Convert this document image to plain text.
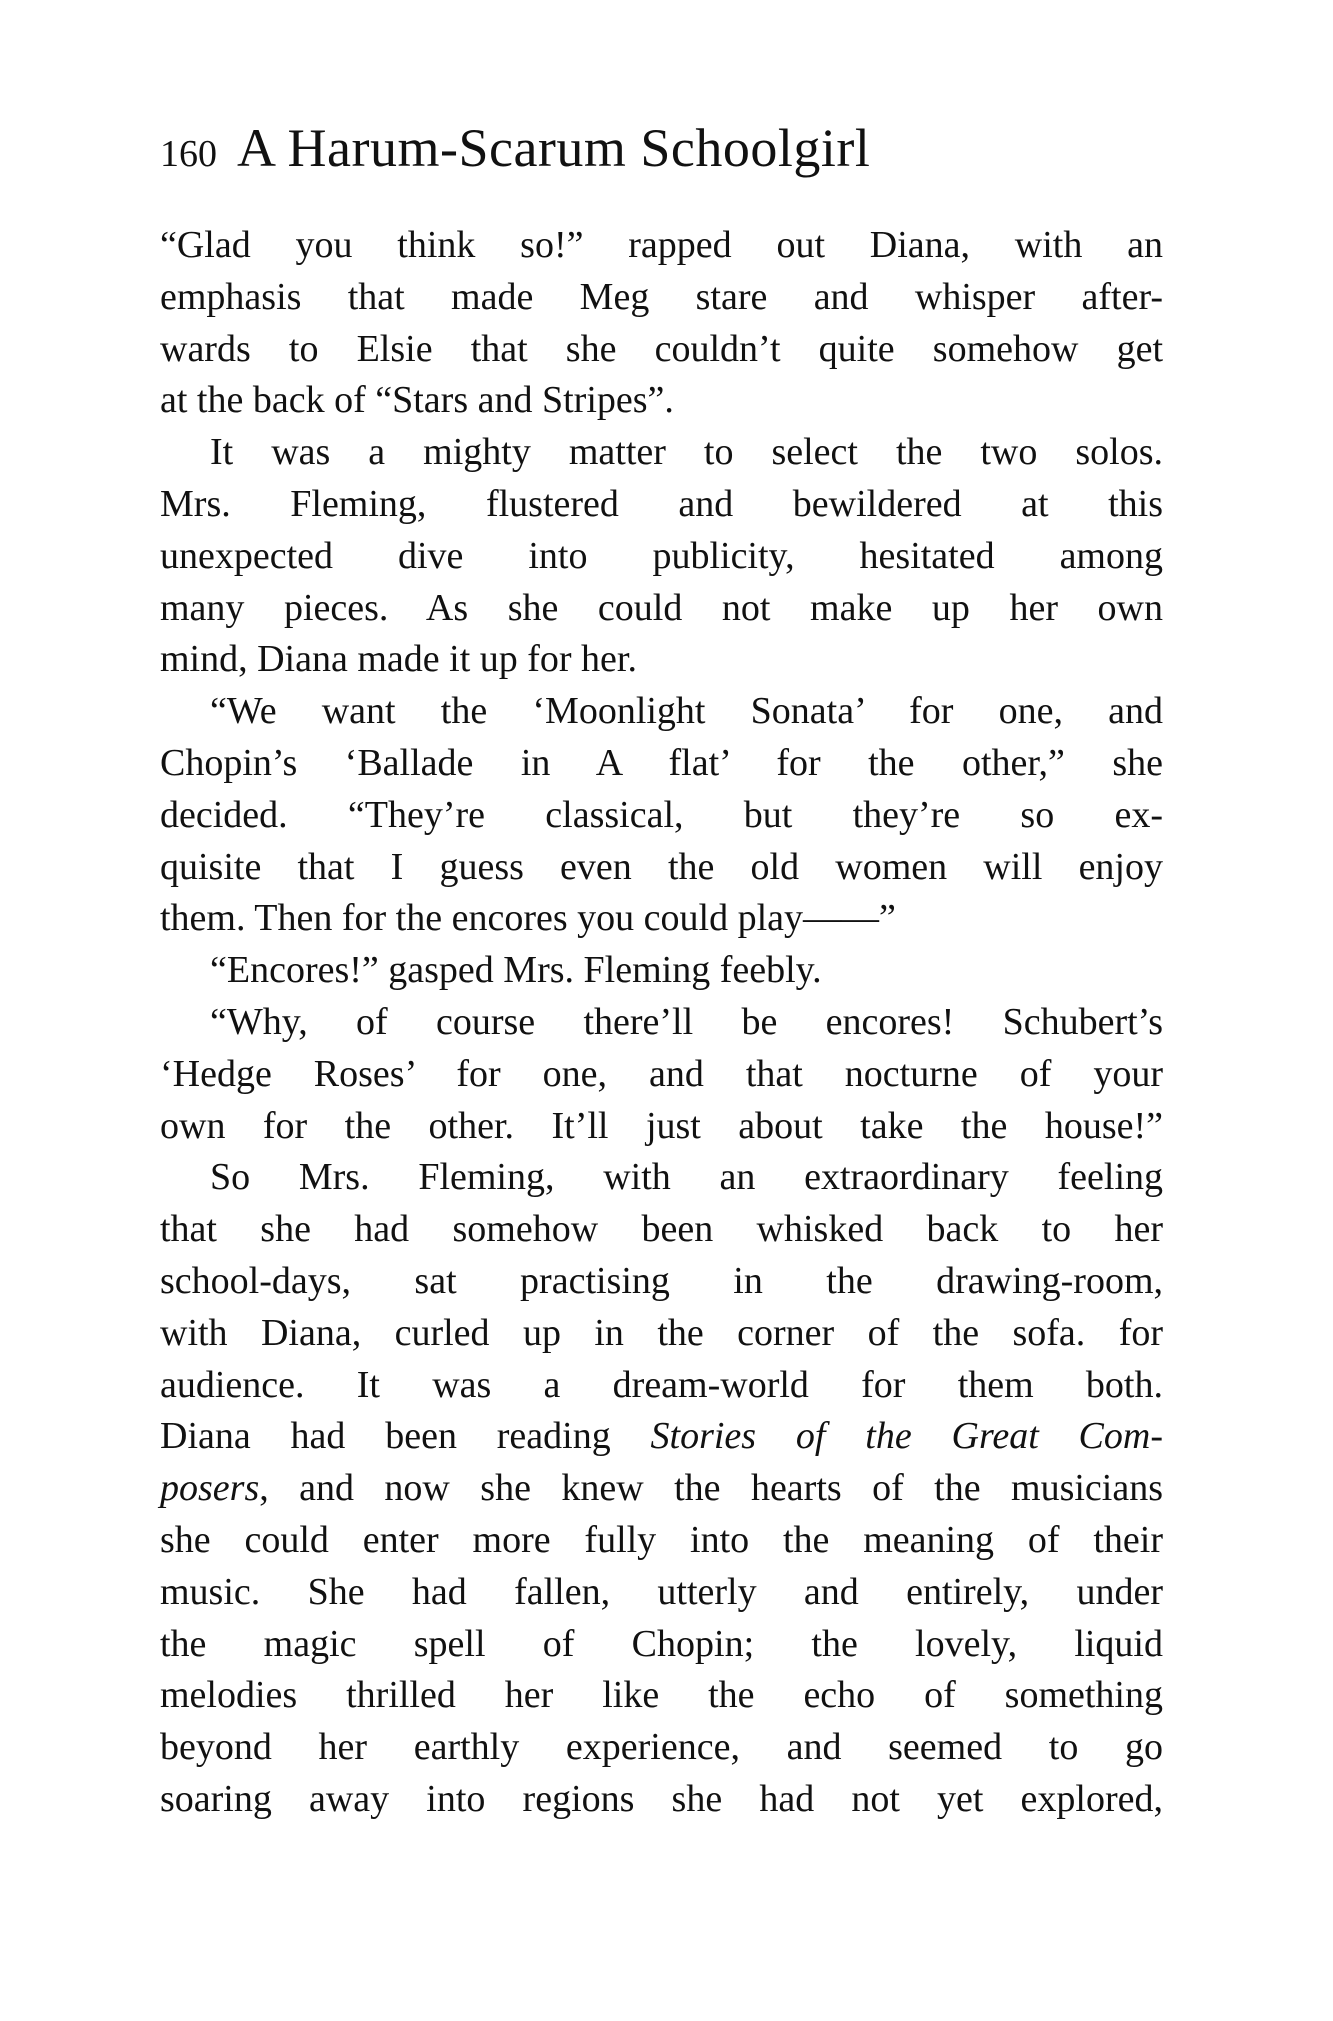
160 A Harum-Scarum Schoolgirl
“Glad you think so!” rapped out Diana, with an
emphasis that made Meg stare and whisper after-
wards to Elsie that she couldn’t quite somehow get
at the back of “Stars and Stripes”.
It was a mighty matter to select the two solos.
Mrs. Fleming, flustered and bewildered at this
unexpected dive into publicity, hesitated among
many pieces. As she could not make up her own
mind, Diana made it up for her.
“We want the ‘Moonlight Sonata’ for one, and
Chopin’s ‘Ballade in A flat’ for the other,” she
decided. “They’re classical, but they’re so ex-
quisite that I guess even the old women will enjoy
them. Then for the encores you could play——”
“Encores!” gasped Mrs. Fleming feebly.
“Why, of course there’ll be encores! Schubert’s
‘Hedge Roses’ for one, and that nocturne of your
own for the other. It’ll just about take the house!”
So Mrs. Fleming, with an extraordinary feeling
that she had somehow been whisked back to her
school-days, sat practising in the drawing-room,
with Diana, curled up in the corner of the sofa. for
audience. It was a dream-world for them both.
Diana had been reading Stories of the Great Com-
posers, and now she knew the hearts of the musicians
she could enter more fully into the meaning of their
music. She had fallen, utterly and entirely, under
the magic spell of Chopin; the lovely, liquid
melodies thrilled her like the echo of something
beyond her earthly experience, and seemed to go
soaring away into regions she had not yet explored,
